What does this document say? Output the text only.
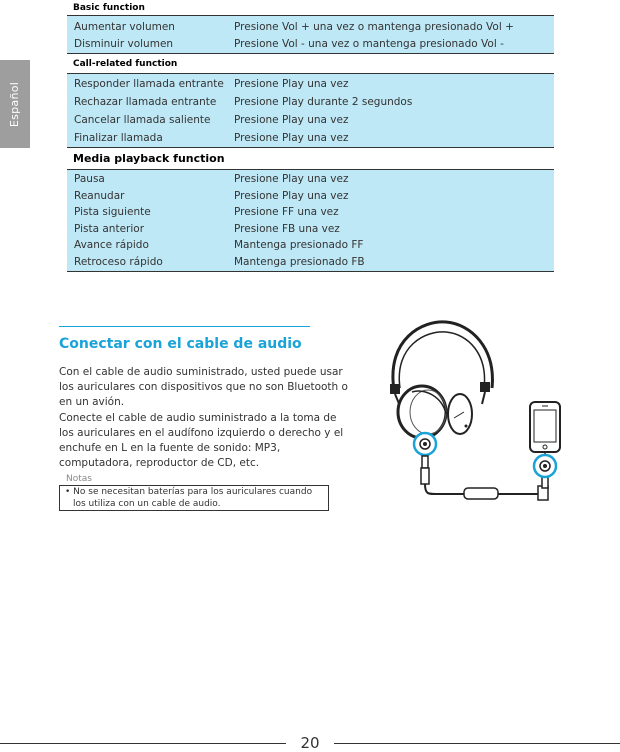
Español
Basic function
Aumentar volumen	Presione Vol + una vez o mantenga presionado Vol +
Disminuir volumen	Presione Vol - una vez o mantenga presionado Vol -
Call-related function
Responder llamada entrante Presione Play una vez
Rechazar llamada entrante	Presione Play durante 2 segundos
Cancelar llamada saliente	Presione Play una vez
Finalizar llamada	Presione Play una vez
Media playback function
Pausa	Presione Play una vez
Reanudar	Presione Play una vez
Pista siguiente	Presione FF una vez
Pista anterior	Presione FB una vez
Avance rápido	Mantenga presionado FF
Retroceso rápido	Mantenga presionado FB
Conectar con el cable de audio

Con el cable de audio suministrado, usted puede usar los auriculares con dispositivos que no son Bluetooth o en un avión.

Conecte el cable de audio suministrado a la toma de los auriculares en el audífono izquierdo o derecho y el enchufe en L en la fuente de sonido: MP3, computadora, reproductor de CD, etc.

Notas
• No se necesitan baterías para los auriculares cuando
los utiliza con un cable de audio.
20
